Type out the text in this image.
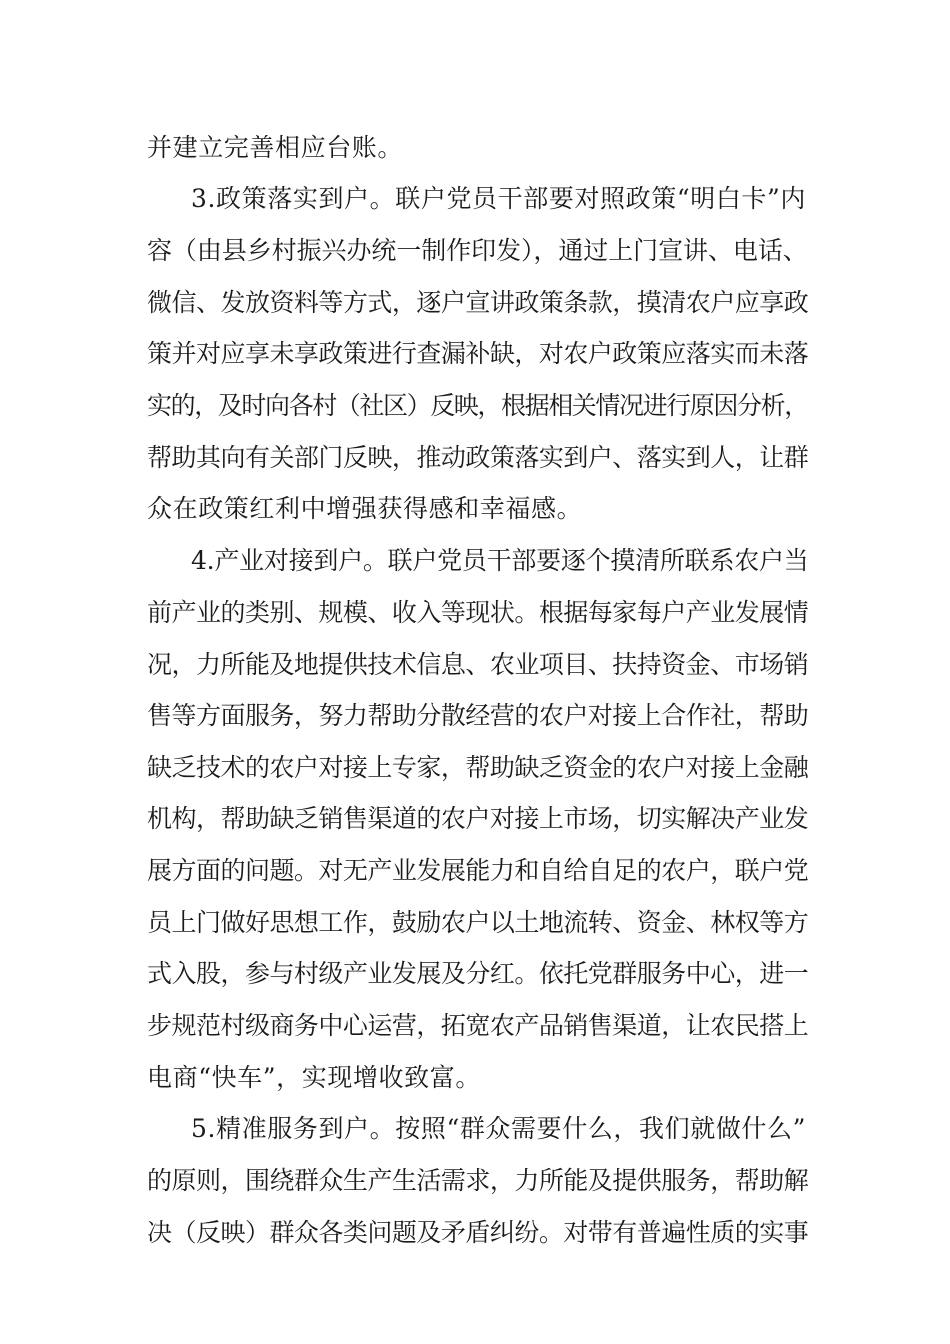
并建立完善相应台账。
3.政策落实到户。联户党员干部要对照政策“明白卡”内
容（由县乡村振兴办统一制作印发），通过上门宣讲、电话、
微信、发放资料等方式，逐户宣讲政策条款，摸清农户应享政
策并对应享未享政策进行查漏补缺，对农户政策应落实而未落
实的，及时向各村（社区）反映，根据相关情况进行原因分析，
帮助其向有关部门反映，推动政策落实到户、落实到人，让群
众在政策红利中增强获得感和幸福感。
4.产业对接到户。联户党员干部要逐个摸清所联系农户当
前产业的类别、规模、收入等现状。根据每家每户产业发展情
况，力所能及地提供技术信息、农业项目、扶持资金、市场销
售等方面服务，努力帮助分散经营的农户对接上合作社，帮助
缺乏技术的农户对接上专家，帮助缺乏资金的农户对接上金融
机构，帮助缺乏销售渠道的农户对接上市场，切实解决产业发
展方面的问题。对无产业发展能力和自给自足的农户，联户党
员上门做好思想工作，鼓励农户以土地流转、资金、林权等方
式入股，参与村级产业发展及分红。依托党群服务中心，进一
步规范村级商务中心运营，拓宽农产品销售渠道，让农民搭上
电商“快车”，实现增收致富。
5.精准服务到户。按照“群众需要什么，我们就做什么”
的原则，围绕群众生产生活需求，力所能及提供服务，帮助解
决（反映）群众各类问题及矛盾纠纷。对带有普遍性质的实事
